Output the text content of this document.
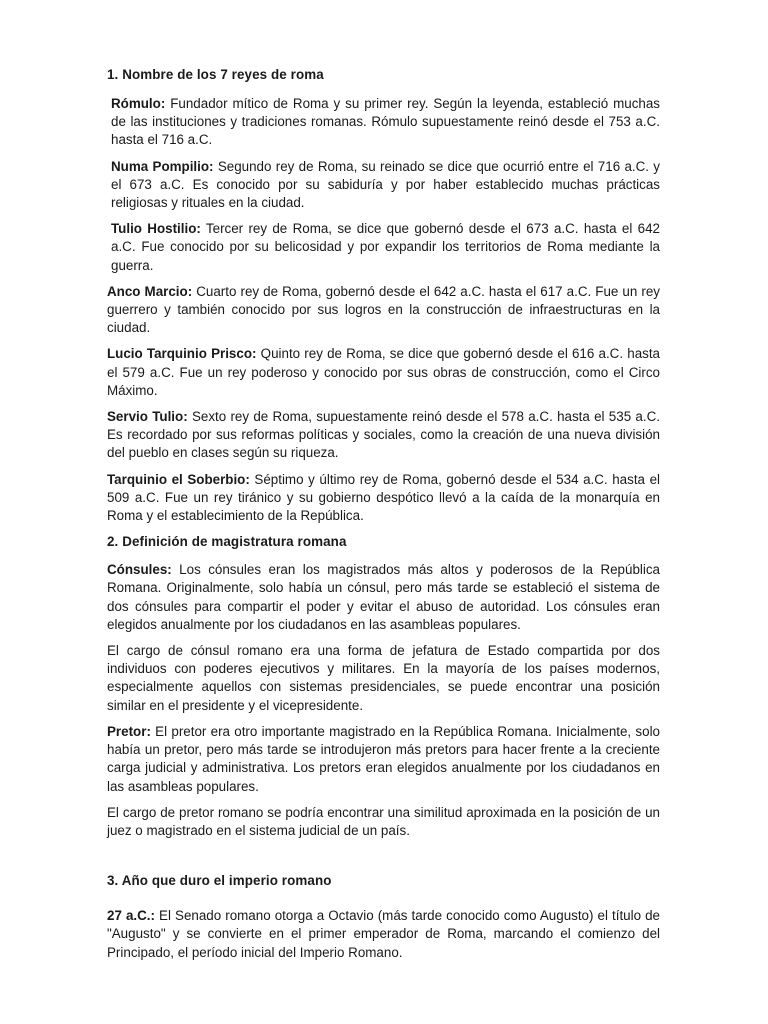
1. Nombre de los 7 reyes de roma

Rómulo: Fundador mítico de Roma y su primer rey. Según la leyenda, estableció muchas de las instituciones y tradiciones romanas. Rómulo supuestamente reinó desde el 753 a.C. hasta el 716 a.C.

Numa Pompilio: Segundo rey de Roma, su reinado se dice que ocurrió entre el 716 a.C. y el 673 a.C. Es conocido por su sabiduría y por haber establecido muchas prácticas religiosas y rituales en la ciudad.

Tulio Hostilio: Tercer rey de Roma, se dice que gobernó desde el 673 a.C. hasta el 642 a.C. Fue conocido por su belicosidad y por expandir los territorios de Roma mediante la guerra.

Anco Marcio: Cuarto rey de Roma, gobernó desde el 642 a.C. hasta el 617 a.C. Fue un rey guerrero y también conocido por sus logros en la construcción de infraestructuras en la ciudad.

Lucio Tarquinio Prisco: Quinto rey de Roma, se dice que gobernó desde el 616 a.C. hasta el 579 a.C. Fue un rey poderoso y conocido por sus obras de construcción, como el Circo Máximo.

Servio Tulio: Sexto rey de Roma, supuestamente reinó desde el 578 a.C. hasta el 535 a.C. Es recordado por sus reformas políticas y sociales, como la creación de una nueva división del pueblo en clases según su riqueza.

Tarquinio el Soberbio: Séptimo y último rey de Roma, gobernó desde el 534 a.C. hasta el 509 a.C. Fue un rey tiránico y su gobierno despótico llevó a la caída de la monarquía en Roma y el establecimiento de la República.

2. Definición de magistratura romana

Cónsules: Los cónsules eran los magistrados más altos y poderosos de la República Romana. Originalmente, solo había un cónsul, pero más tarde se estableció el sistema de dos cónsules para compartir el poder y evitar el abuso de autoridad. Los cónsules eran elegidos anualmente por los ciudadanos en las asambleas populares.

El cargo de cónsul romano era una forma de jefatura de Estado compartida por dos individuos con poderes ejecutivos y militares. En la mayoría de los países modernos, especialmente aquellos con sistemas presidenciales, se puede encontrar una posición similar en el presidente y el vicepresidente.

Pretor: El pretor era otro importante magistrado en la República Romana. Inicialmente, solo había un pretor, pero más tarde se introdujeron más pretors para hacer frente a la creciente carga judicial y administrativa. Los pretors eran elegidos anualmente por los ciudadanos en las asambleas populares.

El cargo de pretor romano se podría encontrar una similitud aproximada en la posición de un juez o magistrado en el sistema judicial de un país.

3. Año que duro el imperio romano

27 a.C.: El Senado romano otorga a Octavio (más tarde conocido como Augusto) el título de "Augusto" y se convierte en el primer emperador de Roma, marcando el comienzo del Principado, el período inicial del Imperio Romano.
